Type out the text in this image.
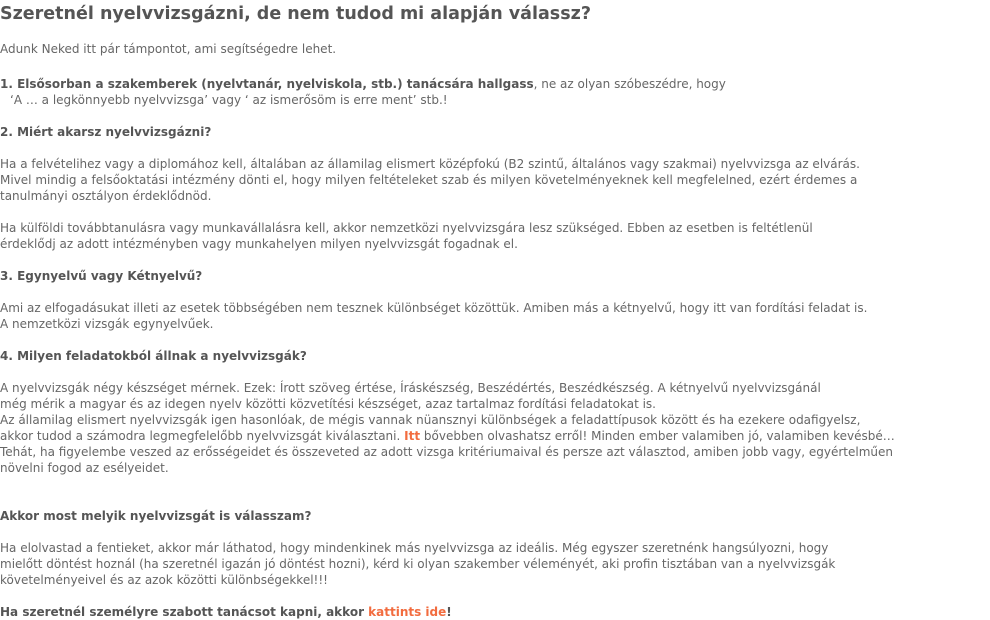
Szeretnél nyelvvizsgázni, de nem tudod mi alapján válassz?

Adunk Neked itt pár támpontot, ami segítségedre lehet.

1. Elsősorban a szakemberek (nyelvtanár, nyelviskola, stb.) tanácsára hallgass, ne az olyan szóbeszédre, hogy
‘A … a legkönnyebb nyelvvizsga’ vagy ‘ az ismerősöm is erre ment’ stb.!
2. Miért akarsz nyelvvizsgázni?
Ha a felvételihez vagy a diplomához kell, általában az államilag elismert középfokú (B2 szintű, általános vagy szakmai) nyelvvizsga az elvárás.
Mivel mindig a felsőoktatási intézmény dönti el, hogy milyen feltételeket szab és milyen követelményeknek kell megfelelned, ezért érdemes a
tanulmányi osztályon érdeklődnöd.
Ha külföldi továbbtanulásra vagy munkavállalásra kell, akkor nemzetközi nyelvvizsgára lesz szükséged. Ebben az esetben is feltétlenül
érdeklődj az adott intézményben vagy munkahelyen milyen nyelvvizsgát fogadnak el.
3. Egynyelvű vagy Kétnyelvű?
Ami az elfogadásukat illeti az esetek többségében nem tesznek különbséget közöttük. Amiben más a kétnyelvű, hogy itt van fordítási feladat is.
A nemzetközi vizsgák egynyelvűek.
4. Milyen feladatokból állnak a nyelvvizsgák?
A nyelvvizsgák négy készséget mérnek. Ezek: Írott szöveg értése, Íráskészség, Beszédértés, Beszédkészség. A kétnyelvű nyelvvizsgánál
még mérik a magyar és az idegen nyelv közötti közvetítési készséget, azaz tartalmaz fordítási feladatokat is.
Az államilag elismert nyelvvizsgák igen hasonlóak, de mégis vannak nüansznyi különbségek a feladattípusok között és ha ezekere odafigyelsz,
akkor tudod a számodra legmegfelelőbb nyelvvizsgát kiválasztani. Itt bővebben olvashatsz erről! Minden ember valamiben jó, valamiben kevésbé…
Tehát, ha figyelembe veszed az erősségeidet és összeveted az adott vizsga kritériumaival és persze azt választod, amiben jobb vagy, egyértelműen
növelni fogod az esélyeidet.
Akkor most melyik nyelvvizsgát is válasszam?
Ha elolvastad a fentieket, akkor már láthatod, hogy mindenkinek más nyelvvizsga az ideális. Még egyszer szeretnénk hangsúlyozni, hogy
mielőtt döntést hoznál (ha szeretnél igazán jó döntést hozni), kérd ki olyan szakember véleményét, aki profin tisztában van a nyelvvizsgák
követelményeivel és az azok közötti különbségekkel!!!
Ha szeretnél személyre szabott tanácsot kapni, akkor kattints ide!
